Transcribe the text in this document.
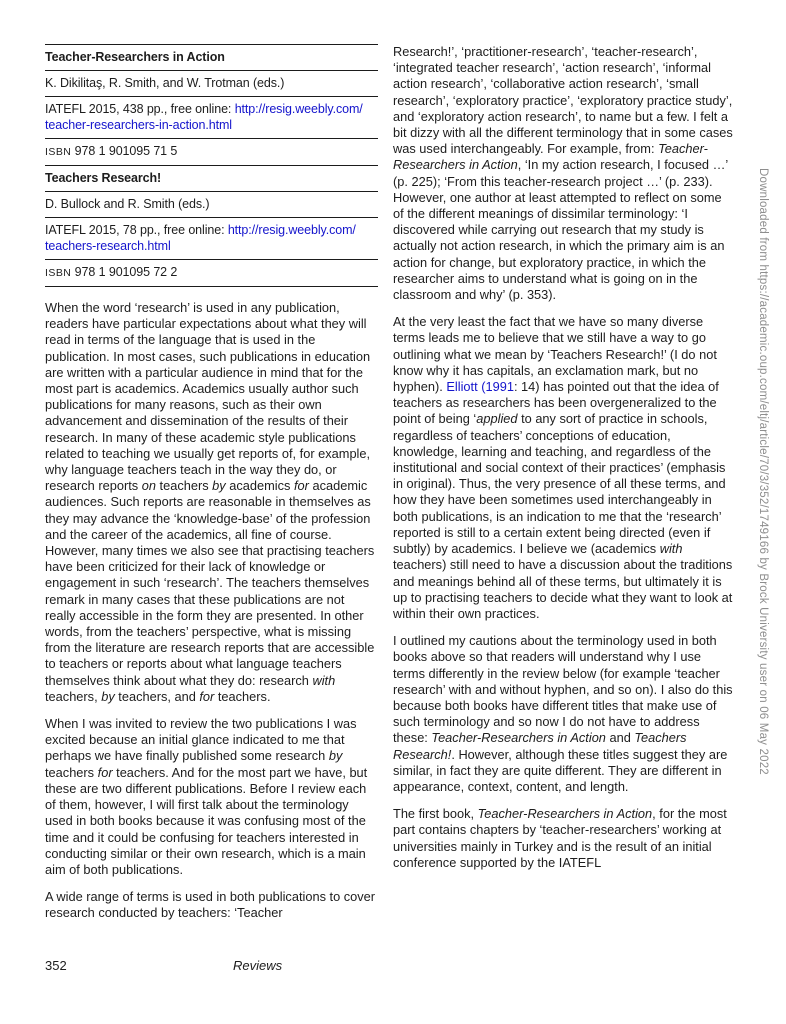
Teacher-Researchers in Action
K. Dikilitaş, R. Smith, and W. Trotman (eds.)
IATEFL 2015, 438 pp., free online: http://resig.weebly.com/​teacher-researchers-in-action.html
ISBN 978 1 901095 71 5
Teachers Research!
D. Bullock and R. Smith (eds.)
IATEFL 2015, 78 pp., free online: http://resig.weebly.com/​teachers-research.html
ISBN 978 1 901095 72 2

When the word ‘research’ is used in any publication, readers have particular expectations about what they will read in terms of the language that is used in the publication. In most cases, such publications in education are written with a particular audience in mind that for the most part is academics. Academics usually author such publications for many reasons, such as their own advancement and dissemination of the results of their research. In many of these academic style publications related to teaching we usually get reports of, for example, why language teachers teach in the way they do, or research reports on teachers by academics for academic audiences. Such reports are reasonable in themselves as they may advance the ‘knowledge-base’ of the profession and the career of the academics, all fine of course. However, many times we also see that practising teachers have been criticized for their lack of knowledge or engagement in such ‘research’. The teachers themselves remark in many cases that these publications are not really accessible in the form they are presented. In other words, from the teachers’ perspective, what is missing from the literature are research reports that are accessible to teachers or reports about what language teachers themselves think about what they do: research with teachers, by teachers, and for teachers.

When I was invited to review the two publications I was excited because an initial glance indicated to me that perhaps we have finally published some research by teachers for teachers. And for the most part we have, but these are two different publications. Before I review each of them, however, I will first talk about the terminology used in both books because it was confusing most of the time and it could be confusing for teachers interested in conducting similar or their own research, which is a main aim of both publications.

A wide range of terms is used in both publications to cover research conducted by teachers: ‘Teacher

Research!’, ‘practitioner-research’, ‘teacher-research’, ‘integrated teacher research’, ‘action research’, ‘informal action research’, ‘collaborative action research’, ‘small research’, ‘exploratory practice’, ‘exploratory practice study’, and ‘exploratory action research’, to name but a few. I felt a bit dizzy with all the different terminology that in some cases was used interchangeably. For example, from: Teacher-Researchers in Action, ‘In my action research, I focused …’ (p. 225); ‘From this teacher-research project …’ (p. 233). However, one author at least attempted to reflect on some of the different meanings of dissimilar terminology: ‘I discovered while carrying out research that my study is actually not action research, in which the primary aim is an action for change, but exploratory practice, in which the researcher aims to understand what is going on in the classroom and why’ (p. 353).

At the very least the fact that we have so many diverse terms leads me to believe that we still have a way to go outlining what we mean by ‘Teachers Research!’ (I do not know why it has capitals, an exclamation mark, but no hyphen). Elliott (1991: 14) has pointed out that the idea of teachers as researchers has been overgeneralized to the point of being ‘applied to any sort of practice in schools, regardless of teachers’ conceptions of education, knowledge, learning and teaching, and regardless of the institutional and social context of their practices’ (emphasis in original). Thus, the very presence of all these terms, and how they have been sometimes used interchangeably in both publications, is an indication to me that the ‘research’ reported is still to a certain extent being directed (even if subtly) by academics. I believe we (academics with teachers) still need to have a discussion about the traditions and meanings behind all of these terms, but ultimately it is up to practising teachers to decide what they want to look at within their own practices.

I outlined my cautions about the terminology used in both books above so that readers will understand why I use terms differently in the review below (for example ‘teacher research’ with and without hyphen, and so on). I also do this because both books have different titles that make use of such terminology and so now I do not have to address these: Teacher-Researchers in Action and Teachers Research!. However, although these titles suggest they are similar, in fact they are quite different. They are different in appearance, context, content, and length.

The first book, Teacher-Researchers in Action, for the most part contains chapters by ‘teacher-researchers’ working at universities mainly in Turkey and is the result of an initial conference supported by the IATEFL

352	Reviews
Downloaded from https://academic.oup.com/eltj/article/70/3/352/1749166 by Brock University user on 06 May 2022
